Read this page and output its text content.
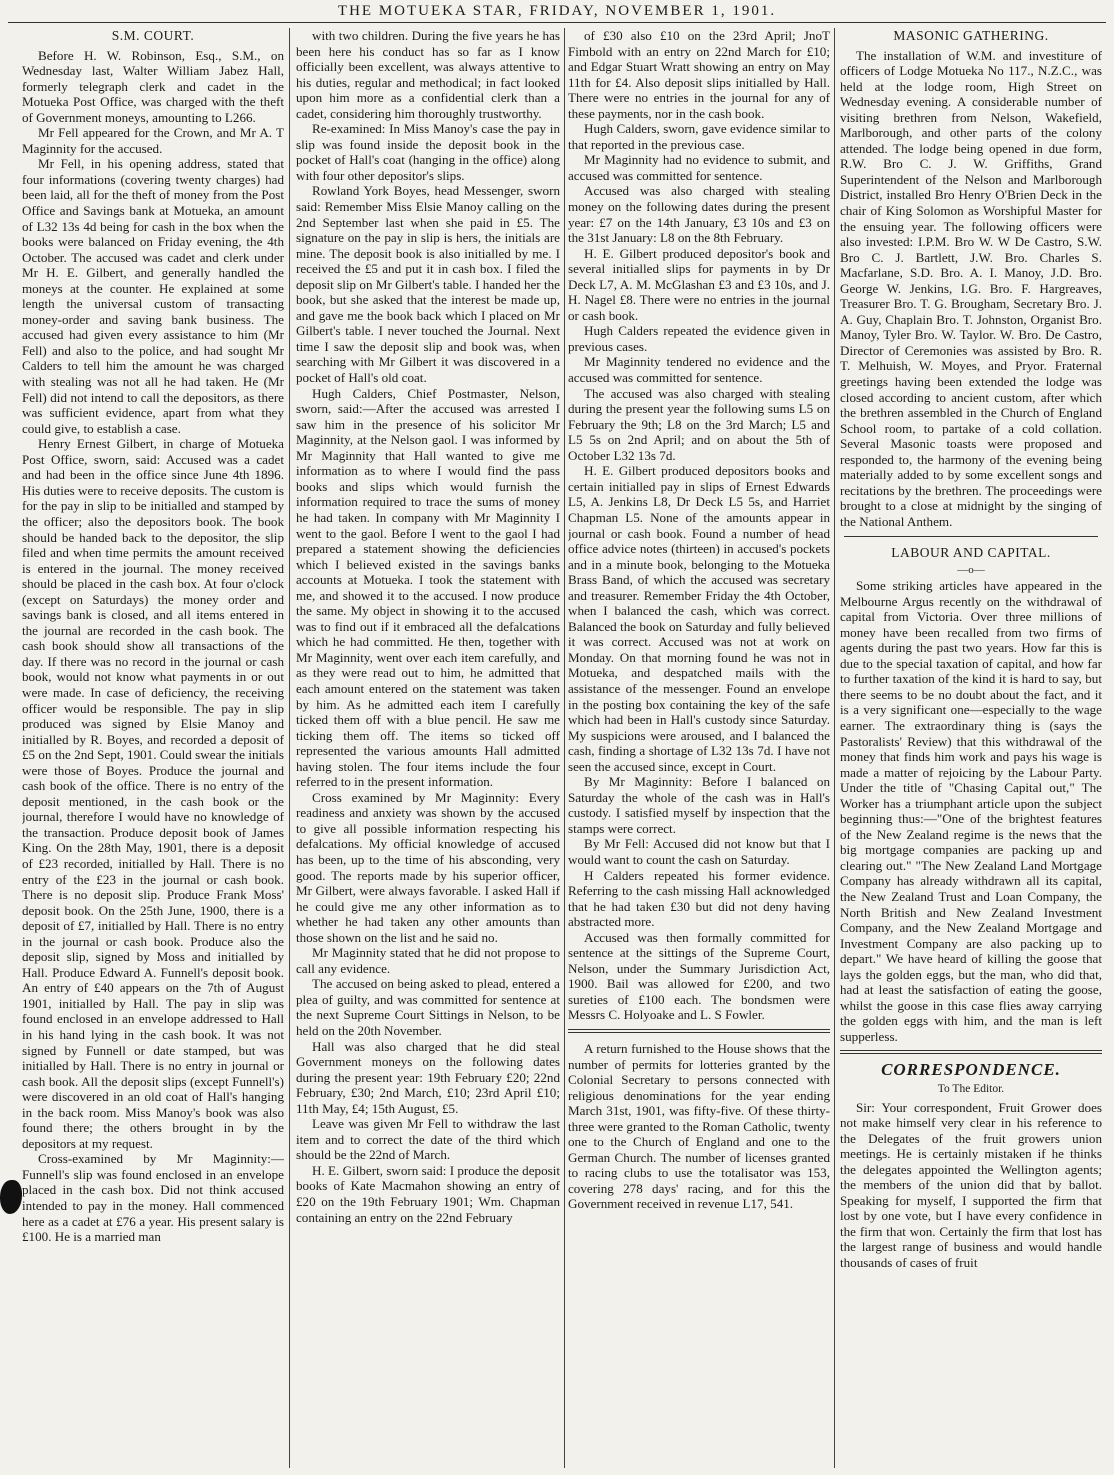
THE MOTUEKA STAR, FRIDAY, NOVEMBER 1, 1901.

S.M. COURT.

Before H. W. Robinson, Esq., S.M., on Wednesday last, Walter William Jabez Hall, formerly telegraph clerk and cadet in the Motueka Post Office, was charged with the theft of Government moneys, amounting to L266.

Mr Fell appeared for the Crown, and Mr A. T Maginnity for the accused.

Mr Fell, in his opening address, stated that four informations (covering twenty charges) had been laid, all for the theft of money from the Post Office and Savings bank at Motueka, an amount of L32 13s 4d being for cash in the box when the books were balanced on Friday evening, the 4th October. The accused was cadet and clerk under Mr H. E. Gilbert, and generally handled the moneys at the counter. He explained at some length the universal custom of transacting money-order and saving bank business. The accused had given every assistance to him (Mr Fell) and also to the police, and had sought Mr Calders to tell him the amount he was charged with stealing was not all he had taken. He (Mr Fell) did not intend to call the depositors, as there was sufficient evidence, apart from what they could give, to establish a case.

Henry Ernest Gilbert, in charge of Motueka Post Office, sworn, said: Accused was a cadet and had been in the office since June 4th 1896. His duties were to receive deposits. The custom is for the pay in slip to be initialled and stamped by the officer; also the depositors book. The book should be handed back to the depositor, the slip filed and when time permits the amount received is entered in the journal. The money received should be placed in the cash box. At four o'clock (except on Saturdays) the money order and savings bank is closed, and all items entered in the journal are recorded in the cash book. The cash book should show all transactions of the day. If there was no record in the journal or cash book, would not know what payments in or out were made. In case of deficiency, the receiving officer would be responsible. The pay in slip produced was signed by Elsie Manoy and initialled by R. Boyes, and recorded a deposit of £5 on the 2nd Sept, 1901. Could swear the initials were those of Boyes. Produce the journal and cash book of the office. There is no entry of the deposit mentioned, in the cash book or the journal, therefore I would have no knowledge of the transaction. Produce deposit book of James King. On the 28th May, 1901, there is a deposit of £23 recorded, initialled by Hall. There is no entry of the £23 in the journal or cash book. There is no deposit slip. Produce Frank Moss' deposit book. On the 25th June, 1900, there is a deposit of £7, initialled by Hall. There is no entry in the journal or cash book. Produce also the deposit slip, signed by Moss and initialled by Hall. Produce Edward A. Funnell's deposit book. An entry of £40 appears on the 7th of August 1901, initialled by Hall. The pay in slip was found enclosed in an envelope addressed to Hall in his hand lying in the cash book. It was not signed by Funnell or date stamped, but was initialled by Hall. There is no entry in journal or cash book. All the deposit slips (except Funnell's) were discovered in an old coat of Hall's hanging in the back room. Miss Manoy's book was also found there; the others brought in by the depositors at my request.

Cross-examined by Mr Maginnity:— Funnell's slip was found enclosed in an envelope placed in the cash box. Did not think accused intended to pay in the money. Hall commenced here as a cadet at £76 a year. His present salary is £100. He is a married man

with two children. During the five years he has been here his conduct has so far as I know officially been excellent, was always attentive to his duties, regular and methodical; in fact looked upon him more as a confidential clerk than a cadet, considering him thoroughly trustworthy.

Re-examined: In Miss Manoy's case the pay in slip was found inside the deposit book in the pocket of Hall's coat (hanging in the office) along with four other depositor's slips.

Rowland York Boyes, head Messenger, sworn said: Remember Miss Elsie Manoy calling on the 2nd September last when she paid in £5. The signature on the pay in slip is hers, the initials are mine. The deposit book is also initialled by me. I received the £5 and put it in cash box. I filed the deposit slip on Mr Gilbert's table. I handed her the book, but she asked that the interest be made up, and gave me the book back which I placed on Mr Gilbert's table. I never touched the Journal. Next time I saw the deposit slip and book was, when searching with Mr Gilbert it was discovered in a pocket of Hall's old coat.

Hugh Calders, Chief Postmaster, Nelson, sworn, said:—After the accused was arrested I saw him in the presence of his solicitor Mr Maginnity, at the Nelson gaol. I was informed by Mr Maginnity that Hall wanted to give me information as to where I would find the pass books and slips which would furnish the information required to trace the sums of money he had taken. In company with Mr Maginnity I went to the gaol. Before I went to the gaol I had prepared a statement showing the deficiencies which I believed existed in the savings banks accounts at Motueka. I took the statement with me, and showed it to the accused. I now produce the same. My object in showing it to the accused was to find out if it embraced all the defalcations which he had committed. He then, together with Mr Maginnity, went over each item carefully, and as they were read out to him, he admitted that each amount entered on the statement was taken by him. As he admitted each item I carefully ticked them off with a blue pencil. He saw me ticking them off. The items so ticked off represented the various amounts Hall admitted having stolen. The four items include the four referred to in the present information.

Cross examined by Mr Maginnity: Every readiness and anxiety was shown by the accused to give all possible information respecting his defalcations. My official knowledge of accused has been, up to the time of his absconding, very good. The reports made by his superior officer, Mr Gilbert, were always favorable. I asked Hall if he could give me any other information as to whether he had taken any other amounts than those shown on the list and he said no.

Mr Maginnity stated that he did not propose to call any evidence.

The accused on being asked to plead, entered a plea of guilty, and was committed for sentence at the next Supreme Court Sittings in Nelson, to be held on the 20th November.

Hall was also charged that he did steal Government moneys on the following dates during the present year: 19th February £20; 22nd February, £30; 2nd March, £10; 23rd April £10; 11th May, £4; 15th August, £5.

Leave was given Mr Fell to withdraw the last item and to correct the date of the third which should be the 22nd of March.

H. E. Gilbert, sworn said: I produce the deposit books of Kate Macmahon showing an entry of £20 on the 19th February 1901; Wm. Chapman containing an entry on the 22nd February

of £30 also £10 on the 23rd April; JnoT Fimbold with an entry on 22nd March for £10; and Edgar Stuart Wratt showing an entry on May 11th for £4. Also deposit slips initialled by Hall. There were no entries in the journal for any of these payments, nor in the cash book.

Hugh Calders, sworn, gave evidence similar to that reported in the previous case.

Mr Maginnity had no evidence to submit, and accused was committed for sentence.

Accused was also charged with stealing money on the following dates during the present year: £7 on the 14th January, £3 10s and £3 on the 31st January: L8 on the 8th February.

H. E. Gilbert produced depositor's book and several initialled slips for payments in by Dr Deck L7, A. M. McGlashan £3 and £3 10s, and J. H. Nagel £8. There were no entries in the journal or cash book.

Hugh Calders repeated the evidence given in previous cases.

Mr Maginnity tendered no evidence and the accused was committed for sentence.

The accused was also charged with stealing during the present year the following sums L5 on February the 9th; L8 on the 3rd March; L5 and L5 5s on 2nd April; and on about the 5th of October L32 13s 7d.

H. E. Gilbert produced depositors books and certain initialled pay in slips of Ernest Edwards L5, A. Jenkins L8, Dr Deck L5 5s, and Harriet Chapman L5. None of the amounts appear in journal or cash book. Found a number of head office advice notes (thirteen) in accused's pockets and in a minute book, belonging to the Motueka Brass Band, of which the accused was secretary and treasurer. Remember Friday the 4th October, when I balanced the cash, which was correct. Balanced the book on Saturday and fully believed it was correct. Accused was not at work on Monday. On that morning found he was not in Motueka, and despatched mails with the assistance of the messenger. Found an envelope in the posting box containing the key of the safe which had been in Hall's custody since Saturday. My suspicions were aroused, and I balanced the cash, finding a shortage of L32 13s 7d. I have not seen the accused since, except in Court.

By Mr Maginnity: Before I balanced on Saturday the whole of the cash was in Hall's custody. I satisfied myself by inspection that the stamps were correct.

By Mr Fell: Accused did not know but that I would want to count the cash on Saturday.

H Calders repeated his former evidence. Referring to the cash missing Hall acknowledged that he had taken £30 but did not deny having abstracted more.

Accused was then formally committed for sentence at the sittings of the Supreme Court, Nelson, under the Summary Jurisdiction Act, 1900. Bail was allowed for £200, and two sureties of £100 each. The bondsmen were Messrs C. Holyoake and L. S Fowler.

A return furnished to the House shows that the number of permits for lotteries granted by the Colonial Secretary to persons connected with religious denominations for the year ending March 31st, 1901, was fifty-five. Of these thirty-three were granted to the Roman Catholic, twenty one to the Church of England and one to the German Church. The number of licenses granted to racing clubs to use the totalisator was 153, covering 278 days' racing, and for this the Government received in revenue L17, 541.

MASONIC GATHERING.

The installation of W.M. and investiture of officers of Lodge Motueka No 117., N.Z.C., was held at the lodge room, High Street on Wednesday evening. A considerable number of visiting brethren from Nelson, Wakefield, Marlborough, and other parts of the colony attended. The lodge being opened in due form, R.W. Bro C. J. W. Griffiths, Grand Superintendent of the Nelson and Marlborough District, installed Bro Henry O'Brien Deck in the chair of King Solomon as Worshipful Master for the ensuing year. The following officers were also invested: I.P.M. Bro W. W De Castro, S.W. Bro C. J. Bartlett, J.W. Bro. Charles S. Macfarlane, S.D. Bro. A. I. Manoy, J.D. Bro. George W. Jenkins, I.G. Bro. F. Hargreaves, Treasurer Bro. T. G. Brougham, Secretary Bro. J. A. Guy, Chaplain Bro. T. Johnston, Organist Bro. Manoy, Tyler Bro. W. Taylor. W. Bro. De Castro, Director of Ceremonies was assisted by Bro. R. T. Melhuish, W. Moyes, and Pryor. Fraternal greetings having been extended the lodge was closed according to ancient custom, after which the brethren assembled in the Church of England School room, to partake of a cold collation. Several Masonic toasts were proposed and responded to, the harmony of the evening being materially added to by some excellent songs and recitations by the brethren. The proceedings were brought to a close at midnight by the singing of the National Anthem.

LABOUR AND CAPITAL.

—o—

Some striking articles have appeared in the Melbourne Argus recently on the withdrawal of capital from Victoria. Over three millions of money have been recalled from two firms of agents during the past two years. How far this is due to the special taxation of capital, and how far to further taxation of the kind it is hard to say, but there seems to be no doubt about the fact, and it is a very significant one—especially to the wage earner. The extraordinary thing is (says the Pastoralists' Review) that this withdrawal of the money that finds him work and pays his wage is made a matter of rejoicing by the Labour Party. Under the title of "Chasing Capital out," The Worker has a triumphant article upon the subject beginning thus:—"One of the brightest features of the New Zealand regime is the news that the big mortgage companies are packing up and clearing out." "The New Zealand Land Mortgage Company has already withdrawn all its capital, the New Zealand Trust and Loan Company, the North British and New Zealand Investment Company, and the New Zealand Mortgage and Investment Company are also packing up to depart." We have heard of killing the goose that lays the golden eggs, but the man, who did that, had at least the satisfaction of eating the goose, whilst the goose in this case flies away carrying the golden eggs with him, and the man is left supperless.

CORRESPONDENCE.

To The Editor.

Sir: Your correspondent, Fruit Grower does not make himself very clear in his reference to the Delegates of the fruit growers union meetings. He is certainly mistaken if he thinks the delegates appointed the Wellington agents; the members of the union did that by ballot. Speaking for myself, I supported the firm that lost by one vote, but I have every confidence in the firm that won. Certainly the firm that lost has the largest range of business and would handle thousands of cases of fruit
